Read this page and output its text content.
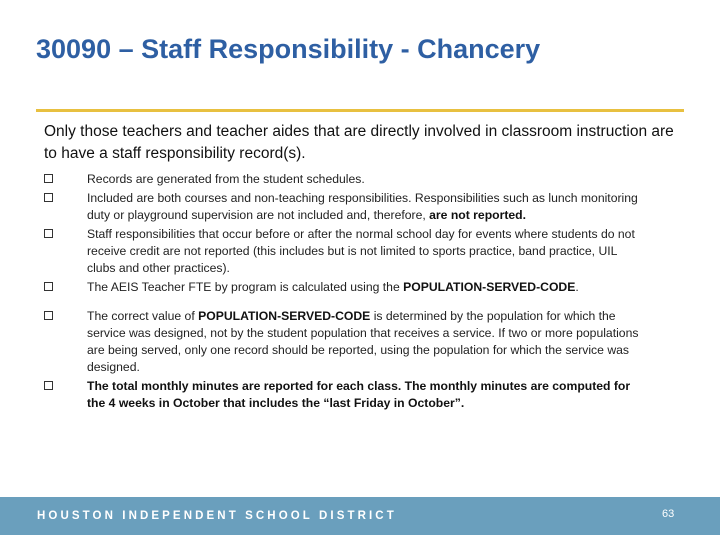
30090 – Staff Responsibility - Chancery
Only those teachers and teacher aides that are directly involved in classroom instruction are to have a staff responsibility record(s).
Records are generated from the student schedules.
Included are both courses and non-teaching responsibilities. Responsibilities such as lunch monitoring duty or playground supervision are not included and, therefore, are not reported.
Staff responsibilities that occur before or after the normal school day for events where students do not receive credit are not reported (this includes but is not limited to sports practice, band practice, UIL clubs and other practices).
The AEIS Teacher FTE by program is calculated using the POPULATION-SERVED-CODE.
The correct value of POPULATION-SERVED-CODE is determined by the population for which the service was designed, not by the student population that receives a service. If two or more populations are being served, only one record should be reported, using the population for which the service was designed.
The total monthly minutes are reported for each class. The monthly minutes are computed for the 4 weeks in October that includes the “last Friday in October”.
HOUSTON INDEPENDENT SCHOOL DISTRICT	63
